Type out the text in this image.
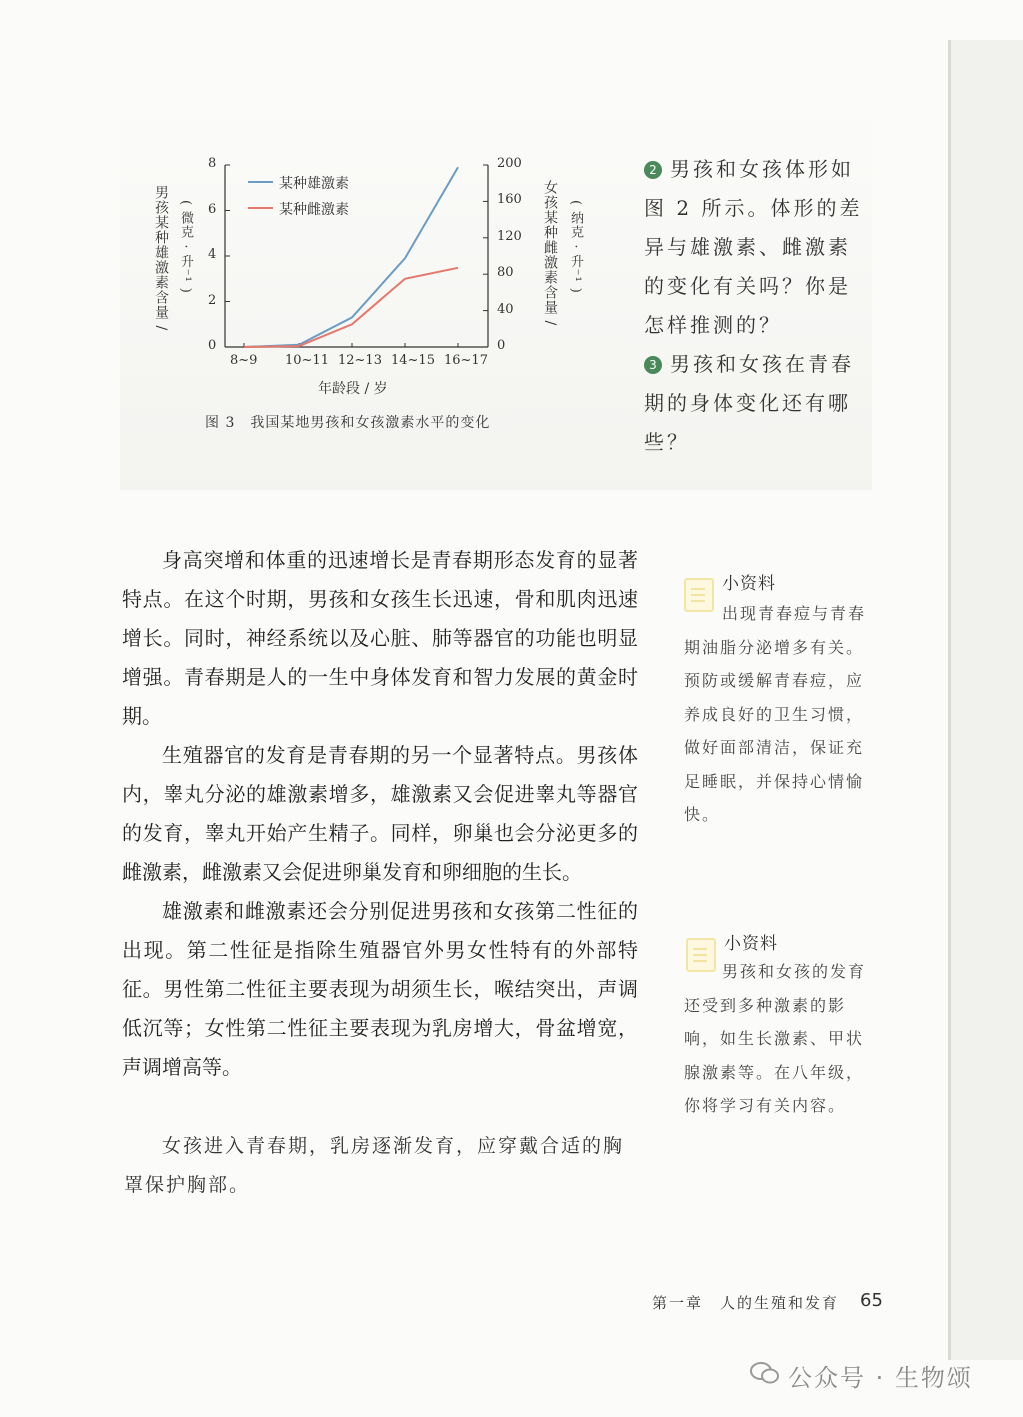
0
2
4
6
8
0
40
80
120
160
200
8~9 10~11 12~13 14~15 16~17
男孩某种雄激素含量 / ( 微克 · 升⁻¹ )	女孩某种雌激素含量 / ( 纳克 · 升⁻¹ )
某种雄激素
某种雌激素
年龄段 / 岁
图 3　我国某地男孩和女孩激素水平的变化
2 男孩和女孩体形如图 2 所示。体形的差异与雄激素、雌激素的变化有关吗？你是怎样推测的？
3 男孩和女孩在青春期的身体变化还有哪些？

身高突增和体重的迅速增长是青春期形态发育的显著特点。在这个时期，男孩和女孩生长迅速，骨和肌肉迅速增长。同时，神经系统以及心脏、肺等器官的功能也明显增强。青春期是人的一生中身体发育和智力发展的黄金时期。

生殖器官的发育是青春期的另一个显著特点。男孩体内，睾丸分泌的雄激素增多，雄激素又会促进睾丸等器官的发育，睾丸开始产生精子。同样，卵巢也会分泌更多的雌激素，雌激素又会促进卵巢发育和卵细胞的生长。

雄激素和雌激素还会分别促进男孩和女孩第二性征的出现。第二性征是指除生殖器官外男女性特有的外部特征。男性第二性征主要表现为胡须生长，喉结突出，声调低沉等；女性第二性征主要表现为乳房增大，骨盆增宽，声调增高等。

女孩进入青春期，乳房逐渐发育，应穿戴合适的胸罩保护胸部。
小资料
出现青春痘与青春期油脂分泌增多有关。预防或缓解青春痘，应养成良好的卫生习惯，做好面部清洁，保证充足睡眠，并保持心情愉快。
小资料
男孩和女孩的发育还受到多种激素的影响，如生长激素、甲状腺激素等。在八年级，你将学习有关内容。
第一章　人的生殖和发育 65
公众号 · 生物颂
